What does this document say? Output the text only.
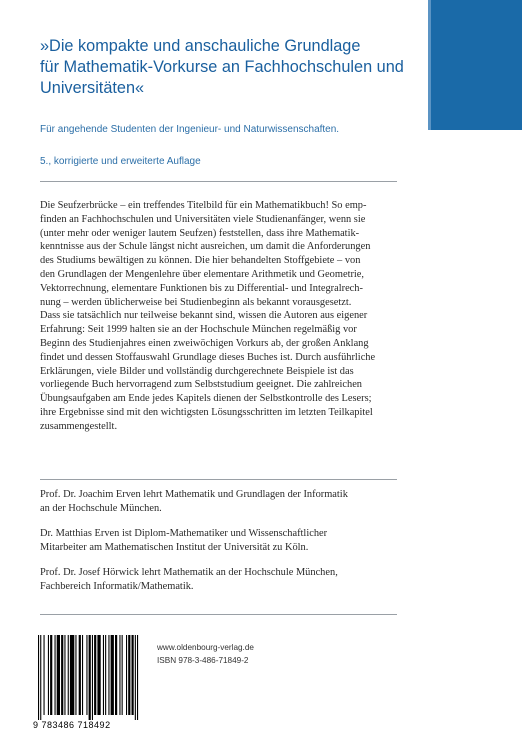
»Die kompakte und anschauliche Grundlage
für Mathematik-Vorkurse an Fachhochschulen und
Universitäten«
Für angehende Studenten der Ingenieur- und Naturwissenschaften.
5., korrigierte und erweiterte Auflage
Die Seufzerbrücke – ein treffendes Titelbild für ein Mathematikbuch! So emp-
finden an Fachhochschulen und Universitäten viele Studienanfänger, wenn sie
(unter mehr oder weniger lautem Seufzen) feststellen, dass ihre Mathematik-
kenntnisse aus der Schule längst nicht ausreichen, um damit die Anforderungen
des Studiums bewältigen zu können. Die hier behandelten Stoffgebiete – von
den Grundlagen der Mengenlehre über elementare Arithmetik und Geometrie,
Vektorrechnung, elementare Funktionen bis zu Differential- und Integralrech-
nung – werden üblicherweise bei Studienbeginn als bekannt vorausgesetzt.
Dass sie tatsächlich nur teilweise bekannt sind, wissen die Autoren aus eigener
Erfahrung: Seit 1999 halten sie an der Hochschule München regelmäßig vor
Beginn des Studienjahres einen zweiwöchigen Vorkurs ab, der großen Anklang
findet und dessen Stoffauswahl Grundlage dieses Buches ist. Durch ausführliche
Erklärungen, viele Bilder und vollständig durchgerechnete Beispiele ist das
vorliegende Buch hervorragend zum Selbststudium geeignet. Die zahlreichen
Übungsaufgaben am Ende jedes Kapitels dienen der Selbstkontrolle des Lesers;
ihre Ergebnisse sind mit den wichtigsten Lösungsschritten im letzten Teilkapitel
zusammengestellt.
Prof. Dr. Joachim Erven lehrt Mathematik und Grundlagen der Informatik
an der Hochschule München.
Dr. Matthias Erven ist Diplom-Mathematiker und Wissenschaftlicher
Mitarbeiter am Mathematischen Institut der Universität zu Köln.
Prof. Dr. Josef Hörwick lehrt Mathematik an der Hochschule München,
Fachbereich Informatik/Mathematik.
9 783486 718492
www.oldenbourg-verlag.de
ISBN 978-3-486-71849-2
